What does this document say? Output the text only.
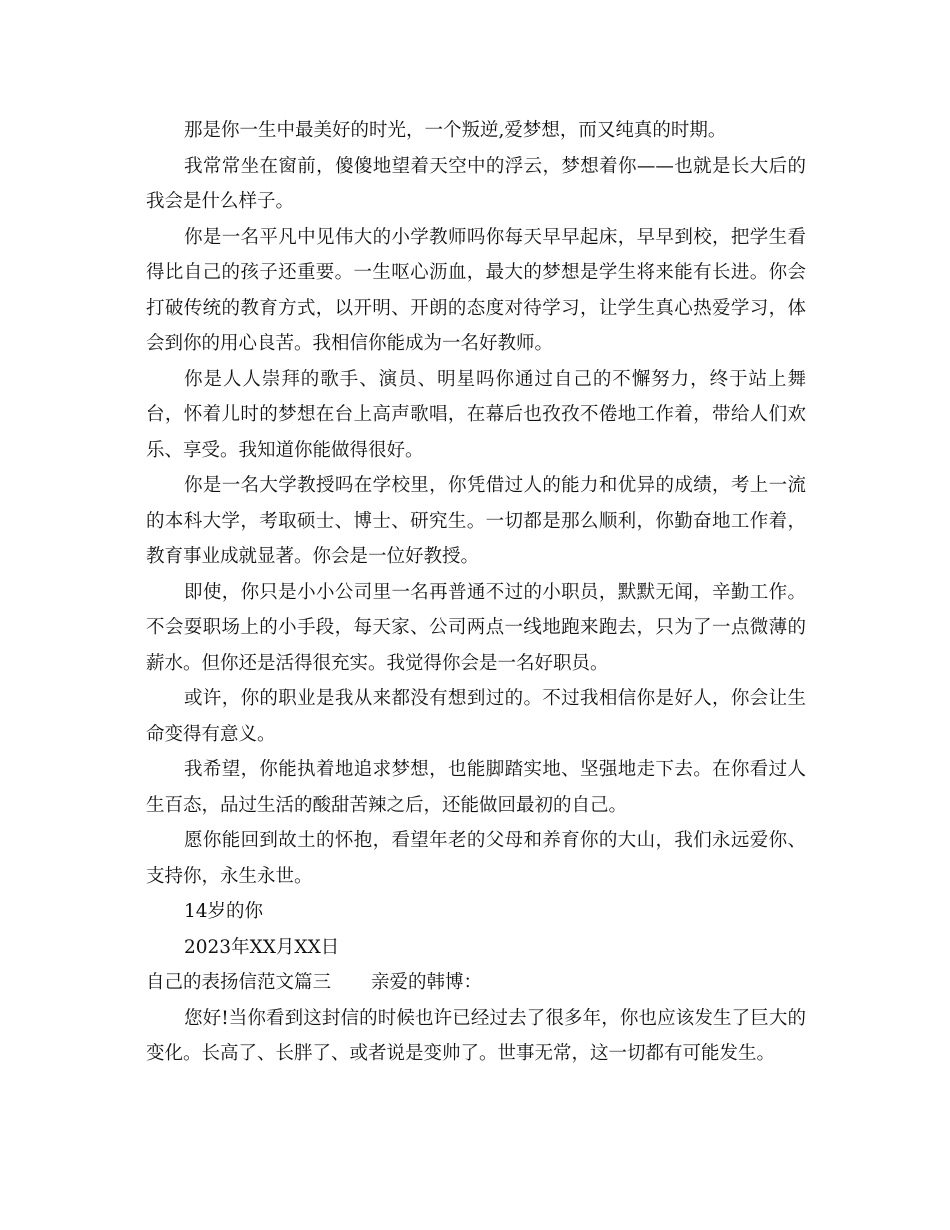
那是你一生中最美好的时光，一个叛逆,爱梦想，而又纯真的时期。

我常常坐在窗前，傻傻地望着天空中的浮云，梦想着你——也就是长大后的我会是什么样子。

你是一名平凡中见伟大的小学教师吗你每天早早起床，早早到校，把学生看得比自己的孩子还重要。一生呕心沥血，最大的梦想是学生将来能有长进。你会打破传统的教育方式，以开明、开朗的态度对待学习，让学生真心热爱学习，体会到你的用心良苦。我相信你能成为一名好教师。

你是人人崇拜的歌手、演员、明星吗你通过自己的不懈努力，终于站上舞台，怀着儿时的梦想在台上高声歌唱，在幕后也孜孜不倦地工作着，带给人们欢乐、享受。我知道你能做得很好。

你是一名大学教授吗在学校里，你凭借过人的能力和优异的成绩，考上一流的本科大学，考取硕士、博士、研究生。一切都是那么顺利，你勤奋地工作着，教育事业成就显著。你会是一位好教授。

即使，你只是小小公司里一名再普通不过的小职员，默默无闻，辛勤工作。不会耍职场上的小手段，每天家、公司两点一线地跑来跑去，只为了一点微薄的薪水。但你还是活得很充实。我觉得你会是一名好职员。

或许，你的职业是我从来都没有想到过的。不过我相信你是好人，你会让生命变得有意义。

我希望，你能执着地追求梦想，也能脚踏实地、坚强地走下去。在你看过人生百态，品过生活的酸甜苦辣之后，还能做回最初的自己。

愿你能回到故土的怀抱，看望年老的父母和养育你的大山，我们永远爱你、支持你，永生永世。

14岁的你

2023年XX月XX日

自己的表扬信范文篇三 亲爱的韩博：

您好!当你看到这封信的时候也许已经过去了很多年，你也应该发生了巨大的变化。长高了、长胖了、或者说是变帅了。世事无常，这一切都有可能发生。
